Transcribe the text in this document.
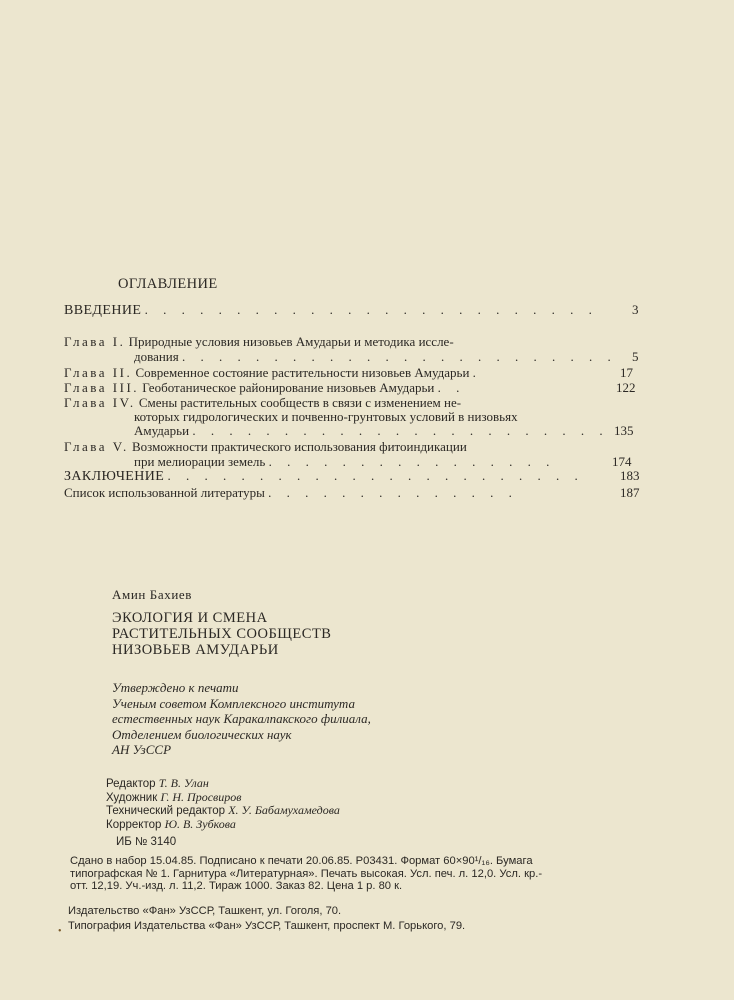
ОГЛАВЛЕНИЕ
ВВЕДЕНИЕ . . . . . . . . . . . . . . . . . . . . . . . . .	3
Глава I. Природные условия низовьев Амударьи и методика иссле-
дования . . . . . . . . . . . . . . . . . . . . . . . . 5
Глава II. Современное состояние растительности низовьев Амударьи .	17
Глава III. Геоботаническое районирование низовьев Амударьи . .	122
Глава IV. Смены растительных сообществ в связи с изменением не-
которых гидрологических и почвенно-грунтовых условий в низовьях
Амударьи . . . . . . . . . . . . . . . . . . . . . . . 135
Глава V. Возможности практического использования фитоиндикации
при мелиорации земель . . . . . . . . . . . . . . . .	174
ЗАКЛЮЧЕНИЕ . . . . . . . . . . . . . . . . . . . . . . .	183
Список использованной литературы . . . . . . . . . . . . . .	187
Амин Бахиев
ЭКОЛОГИЯ И СМЕНА
РАСТИТЕЛЬНЫХ СООБЩЕСТВ
НИЗОВЬЕВ АМУДАРЬИ
Утверждено к печати
Ученым советом Комплексного института
естественных наук Каракалпакского филиала,
Отделением биологических наук
АН УзССР
Редактор Т. В. Улан
Художник Г. Н. Просвиров
Технический редактор Х. У. Бабамухамедова
Корректор Ю. В. Зубкова
ИБ № 3140
Сдано в набор 15.04.85. Подписано к печати 20.06.85. Р03431. Формат 60×90¹/₁₆. Бумага
типографская № 1. Гарнитура «Литературная». Печать высокая. Усл. печ. л. 12,0. Усл. кр.-
отт. 12,19. Уч.-изд. л. 11,2. Тираж 1000. Заказ 82. Цена 1 р. 80 к.
Издательство «Фан» УзССР, Ташкент, ул. Гоголя, 70.
Типография Издательства «Фан» УзССР, Ташкент, проспект М. Горького, 79.
•
